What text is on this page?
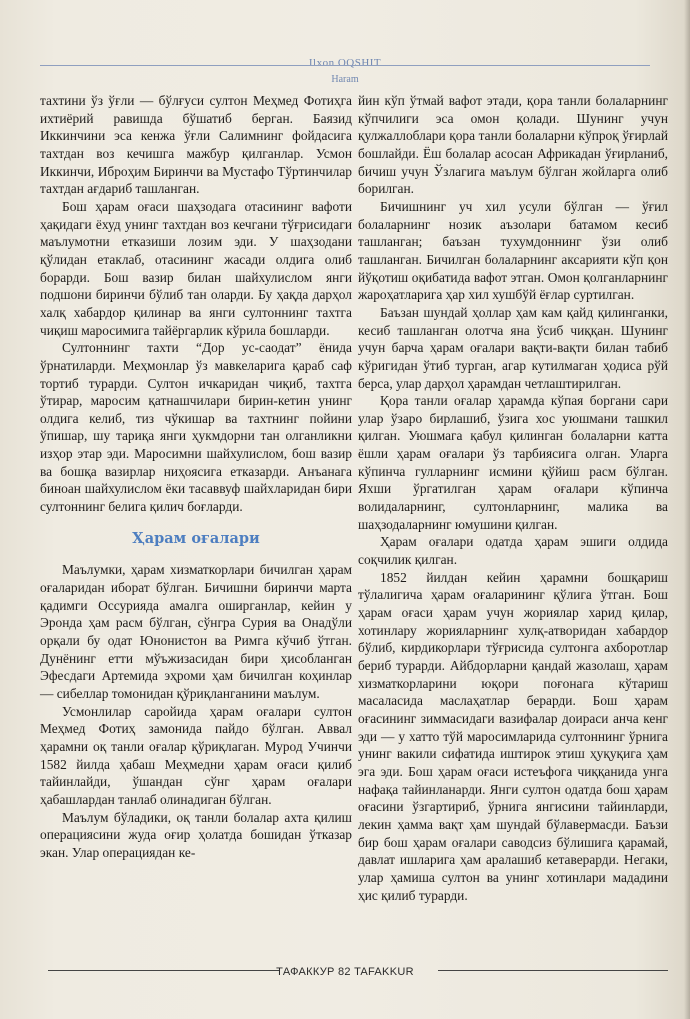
Ilxon OQSHIT
Haram

тахтини ўз ўғли — бўлғуси султон Меҳмед Фотиҳга ихтиёрий равишда бўшатиб берган. Баязид Иккинчини эса кенжа ўғли Салимнинг фойдасига тахтдан воз кечишга мажбур қилганлар. Усмон Иккинчи, Иброҳим Биринчи ва Мустафо Тўртинчилар тахтдан ағдариб ташланган.

Бош ҳарам оғаси шаҳзодага отасининг вафоти ҳақидаги ёхуд унинг тахтдан воз кечгани тўғрисидаги маълумотни етказиши лозим эди. У шаҳзодани қўлидан етаклаб, отасининг жасади олдига олиб борарди. Бош вазир билан шайхулислом янги подшони биринчи бўлиб тан оларди. Бу ҳақда дарҳол халқ хабардор қилинар ва янги султоннинг тахтга чиқиш маросимига тайёргарлик кўрила бошларди.

Султоннинг тахти “Дор ус-саодат” ёнида ўрнатиларди. Меҳмонлар ўз мавкеларига қараб саф тортиб турарди. Султон ичкаридан чиқиб, тахтга ўтирар, маросим қатнашчилари бирин-кетин унинг олдига келиб, тиз чўкишар ва тахтнинг пойини ўпишар, шу тариқа янги ҳукмдорни тан олганликни изҳор этар эди. Маросимни шайхулислом, бош вазир ва бошқа вазирлар ниҳоясига етказарди. Анъанага биноан шайхулислом ёки тасаввуф шайхларидан бири султоннинг белига қилич боғларди.

Ҳарам оғалари

Маълумки, ҳарам хизматкорлари бичилган ҳарам оғаларидан иборат бўлган. Бичишни биринчи марта қадимги Оссурияда амалга оширганлар, кейин у Эронда ҳам расм бўлган, сўнгра Сурия ва Онадўли орқали бу одат Юнонистон ва Римга кўчиб ўтган. Дунёнинг етти мўъжизасидан бири ҳисобланган Эфесдаги Артемида эҳроми ҳам бичилган коҳинлар — сибеллар томонидан қўриқланганини маълум.

Усмонлилар саройида ҳарам оғалари султон Меҳмед Фотиҳ замонида пайдо бўлган. Аввал ҳарамни оқ танли оғалар қўриқлаган. Мурод Учинчи 1582 йилда ҳабаш Меҳмедни ҳарам оғаси қилиб тайинлайди, ўшандан сўнг ҳарам оғалари ҳабашлардан танлаб олинадиган бўлган.

Маълум бўладики, оқ танли болалар ахта қилиш операциясини жуда оғир ҳолатда бошидан ўтказар экан. Улар операциядан ке-

йин кўп ўтмай вафот этади, қора танли болаларнинг кўпчилиги эса омон қолади. Шунинг учун қулжаллоблари қора танли болаларни кўпроқ ўғирлай бошлайди. Ёш болалар асосан Африкадан ўғирланиб, бичиш учун Ўзлагига маълум бўлган жойларга олиб борилган.

Бичишнинг уч хил усули бўлган — ўғил болаларнинг нозик аъзолари батамом кесиб ташланган; баъзан тухумдоннинг ўзи олиб ташланган. Бичилган болаларнинг аксарияти кўп қон йўқотиш оқибатида вафот этган. Омон қолганларнинг жароҳатларига ҳар хил хушбўй ёғлар суртилган.

Баъзан шундай ҳоллар ҳам кам қайд қилинганки, кесиб ташланган олотча яна ўсиб чиққан. Шунинг учун барча ҳарам оғалари вақти-вақти билан табиб кўригидан ўтиб турган, агар кутилмаган ҳодиса рўй берса, улар дарҳол ҳарамдан четлаштирилган.

Қора танли оғалар ҳарамда кўпая боргани сари улар ўзаро бирлашиб, ўзига хос уюшмани ташкил қилган. Уюшмага қабул қилинган болаларни катта ёшли ҳарам оғалари ўз тарбиясига олган. Уларга кўпинча гулларнинг исмини қўйиш расм бўлган. Яхши ўргатилган ҳарам оғалари кўпинча волидаларнинг, султонларнинг, малика ва шаҳзодаларнинг юмушини қилган.

Ҳарам оғалари одатда ҳарам эшиги олдида соқчилик қилган.

1852 йилдан кейин ҳарамни бошқариш тўлалигича ҳарам оғаларининг қўлига ўтган. Бош ҳарам оғаси ҳарам учун жориялар харид қилар, хотинлару жорияларнинг хулқ-атворидан хабардор бўлиб, кирдикорлари тўғрисида султонга ахборотлар бериб турарди. Айбдорларни қандай жазолаш, ҳарам хизматкорларини юқори поғонага кўтариш масаласида маслаҳатлар берарди. Бош ҳарам оғасининг зиммасидаги вазифалар доираси анча кенг эди — у хатто тўй маросимларида султоннинг ўрнига унинг вакили сифатида иштирок этиш ҳуқуқига ҳам эга эди. Бош ҳарам оғаси истеъфога чиққанида унга нафақа тайинланарди. Янги султон одатда бош ҳарам оғасини ўзгартириб, ўрнига янгисини тайинларди, лекин ҳамма вақт ҳам шундай бўлавермасди. Баъзи бир бош ҳарам оғалари саводсиз бўлишига қарамай, давлат ишларига ҳам аралашиб кетаверарди. Негаки, улар ҳамиша султон ва унинг хотинлари мададини ҳис қилиб турарди.

ТАФАККУР 82 TAFAKKUR
